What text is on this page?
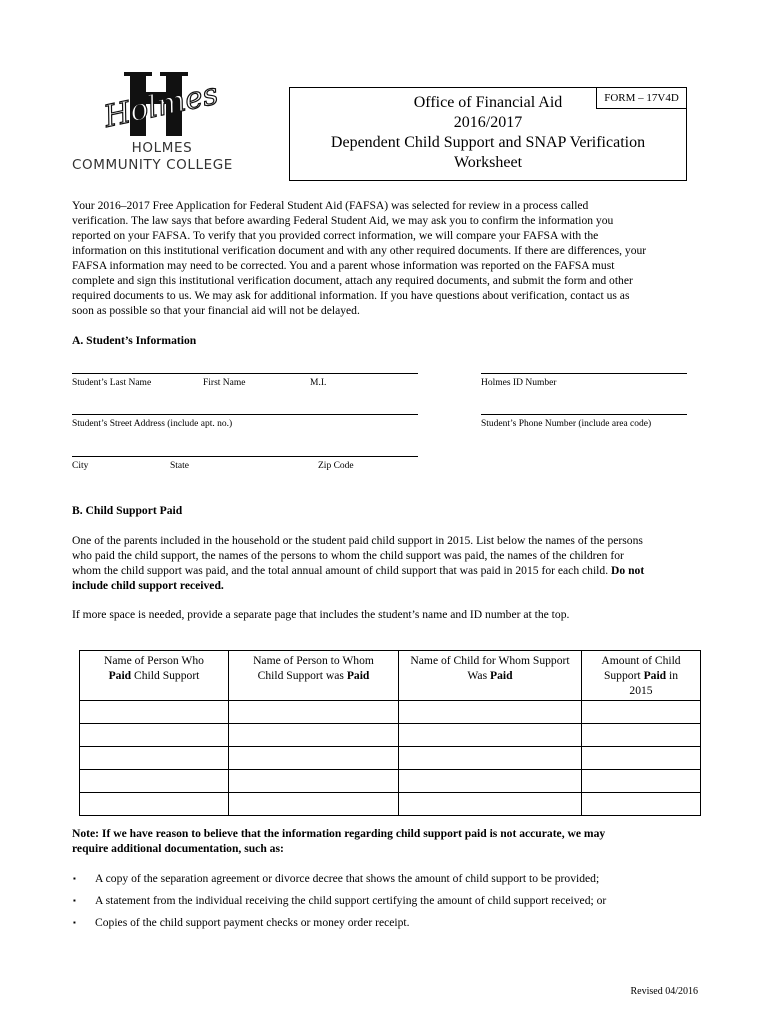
Holmes
HOLMES
COMMUNITY COLLEGE
FORM – 17V4D
Office of Financial Aid
2016/2017
Dependent Child Support and SNAP Verification
Worksheet
Your 2016–2017 Free Application for Federal Student Aid (FAFSA) was selected for review in a process called
verification. The law says that before awarding Federal Student Aid, we may ask you to confirm the information you
reported on your FAFSA. To verify that you provided correct information, we will compare your FAFSA with the
information on this institutional verification document and with any other required documents. If there are differences, your
FAFSA information may need to be corrected. You and a parent whose information was reported on the FAFSA must
complete and sign this institutional verification document, attach any required documents, and submit the form and other
required documents to us. We may ask for additional information. If you have questions about verification, contact us as
soon as possible so that your financial aid will not be delayed.
A. Student’s Information
Student’s Last Name	First Name	M.I.	Holmes ID Number
Student’s Street Address (include apt. no.)	Student’s Phone Number (include area code)
City	State	Zip Code
B. Child Support Paid
One of the parents included in the household or the student paid child support in 2015. List below the names of the persons
who paid the child support, the names of the persons to whom the child support was paid, the names of the children for
whom the child support was paid, and the total annual amount of child support that was paid in 2015 for each child. Do not
include child support received.
If more space is needed, provide a separate page that includes the student’s name and ID number at the top.
Name of Person Who
Paid Child Support	Name of Person to Whom
Child Support was Paid	Name of Child for Whom Support
Was Paid	Amount of Child
Support Paid in
2015

Note: If we have reason to believe that the information regarding child support paid is not accurate, we may
require additional documentation, such as:
▪ A copy of the separation agreement or divorce decree that shows the amount of child support to be provided;
▪ A statement from the individual receiving the child support certifying the amount of child support received; or
▪ Copies of the child support payment checks or money order receipt.
Revised 04/2016
